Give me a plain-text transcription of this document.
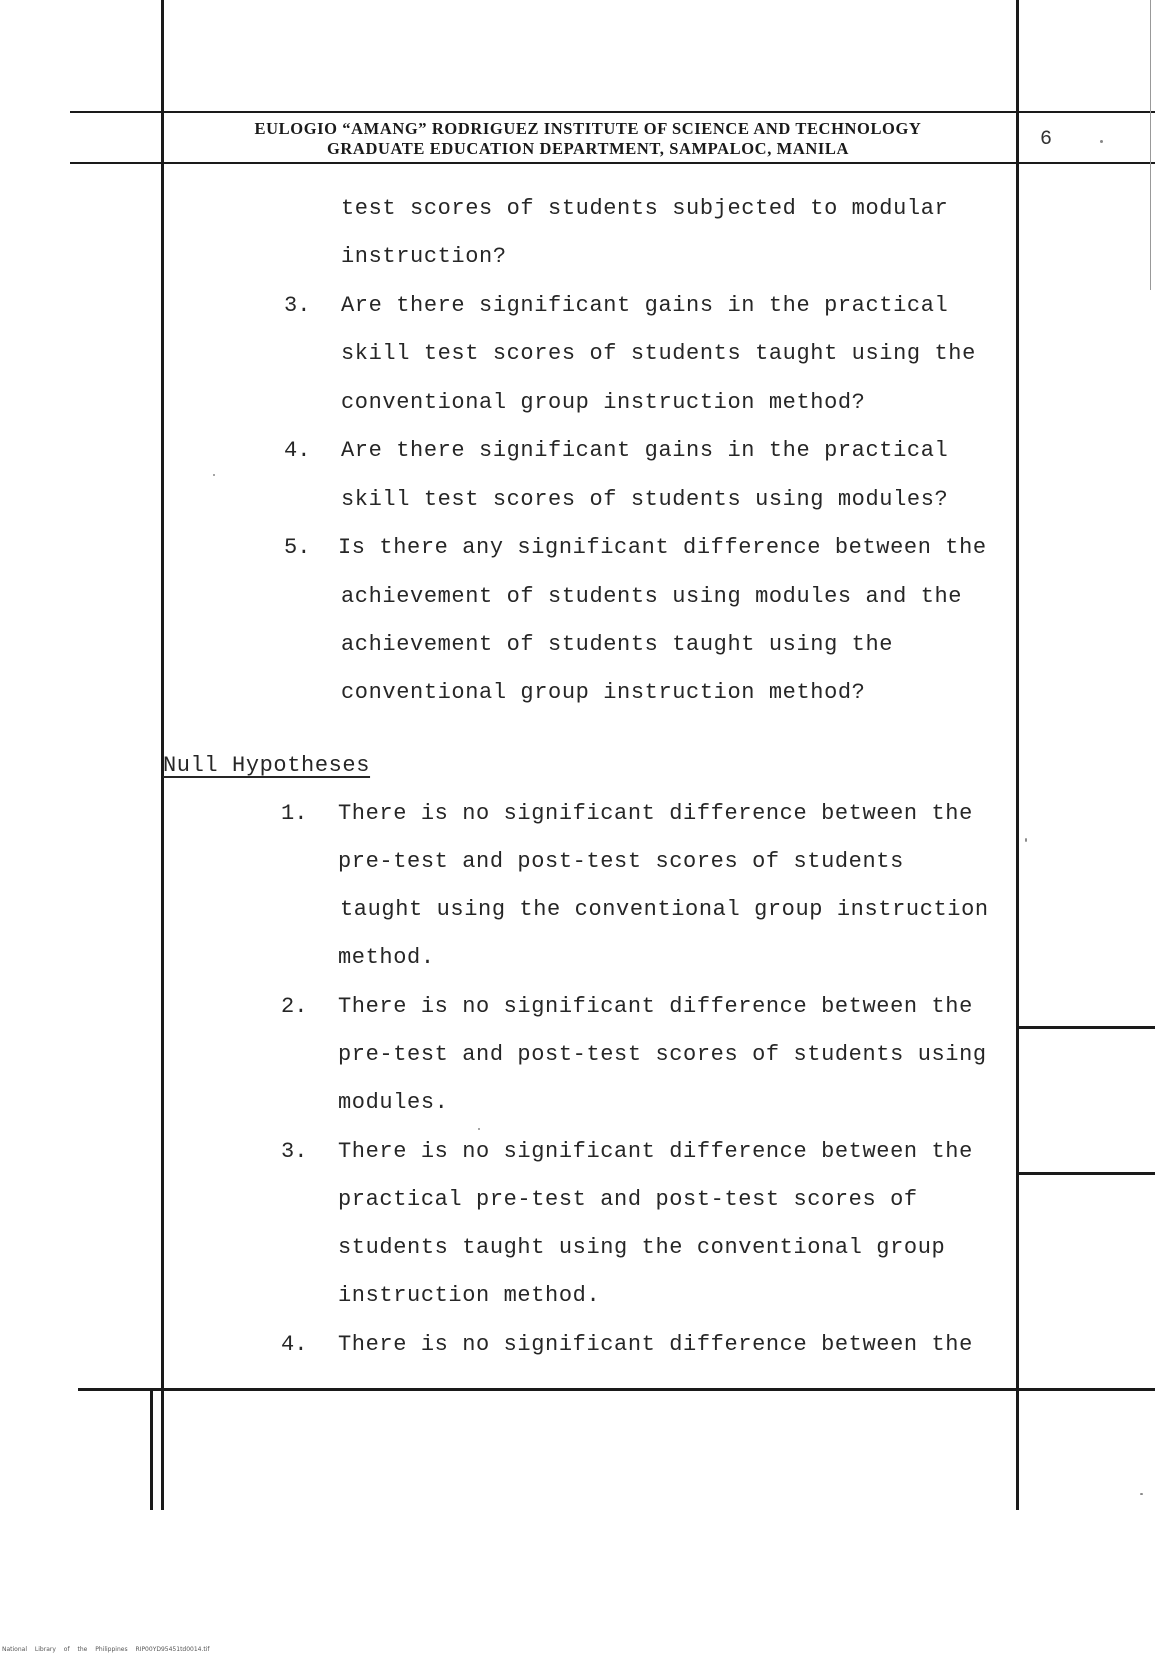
EULOGIO “AMANG” RODRIGUEZ INSTITUTE OF SCIENCE AND TECHNOLOGY
GRADUATE EDUCATION DEPARTMENT, SAMPALOC, MANILA	6
test scores of students subjected to modular
instruction?
3. Are there significant gains in the practical
skill test scores of students taught using the
conventional group instruction method?
4. Are there significant gains in the practical
skill test scores of students using modules?
5. Is there any significant difference between the
achievement of students using modules and the
achievement of students taught using the
conventional group instruction method?
Null Hypotheses
1. There is no significant difference between the
pre-test and post-test scores of students
taught using the conventional group instruction
method.
2. There is no significant difference between the
pre-test and post-test scores of students using
modules.
3. There is no significant difference between the
practical pre-test and post-test scores of
students taught using the conventional group
instruction method.
4. There is no significant difference between the
National Library of the Philippines RIP00YD95451td0014.tif
